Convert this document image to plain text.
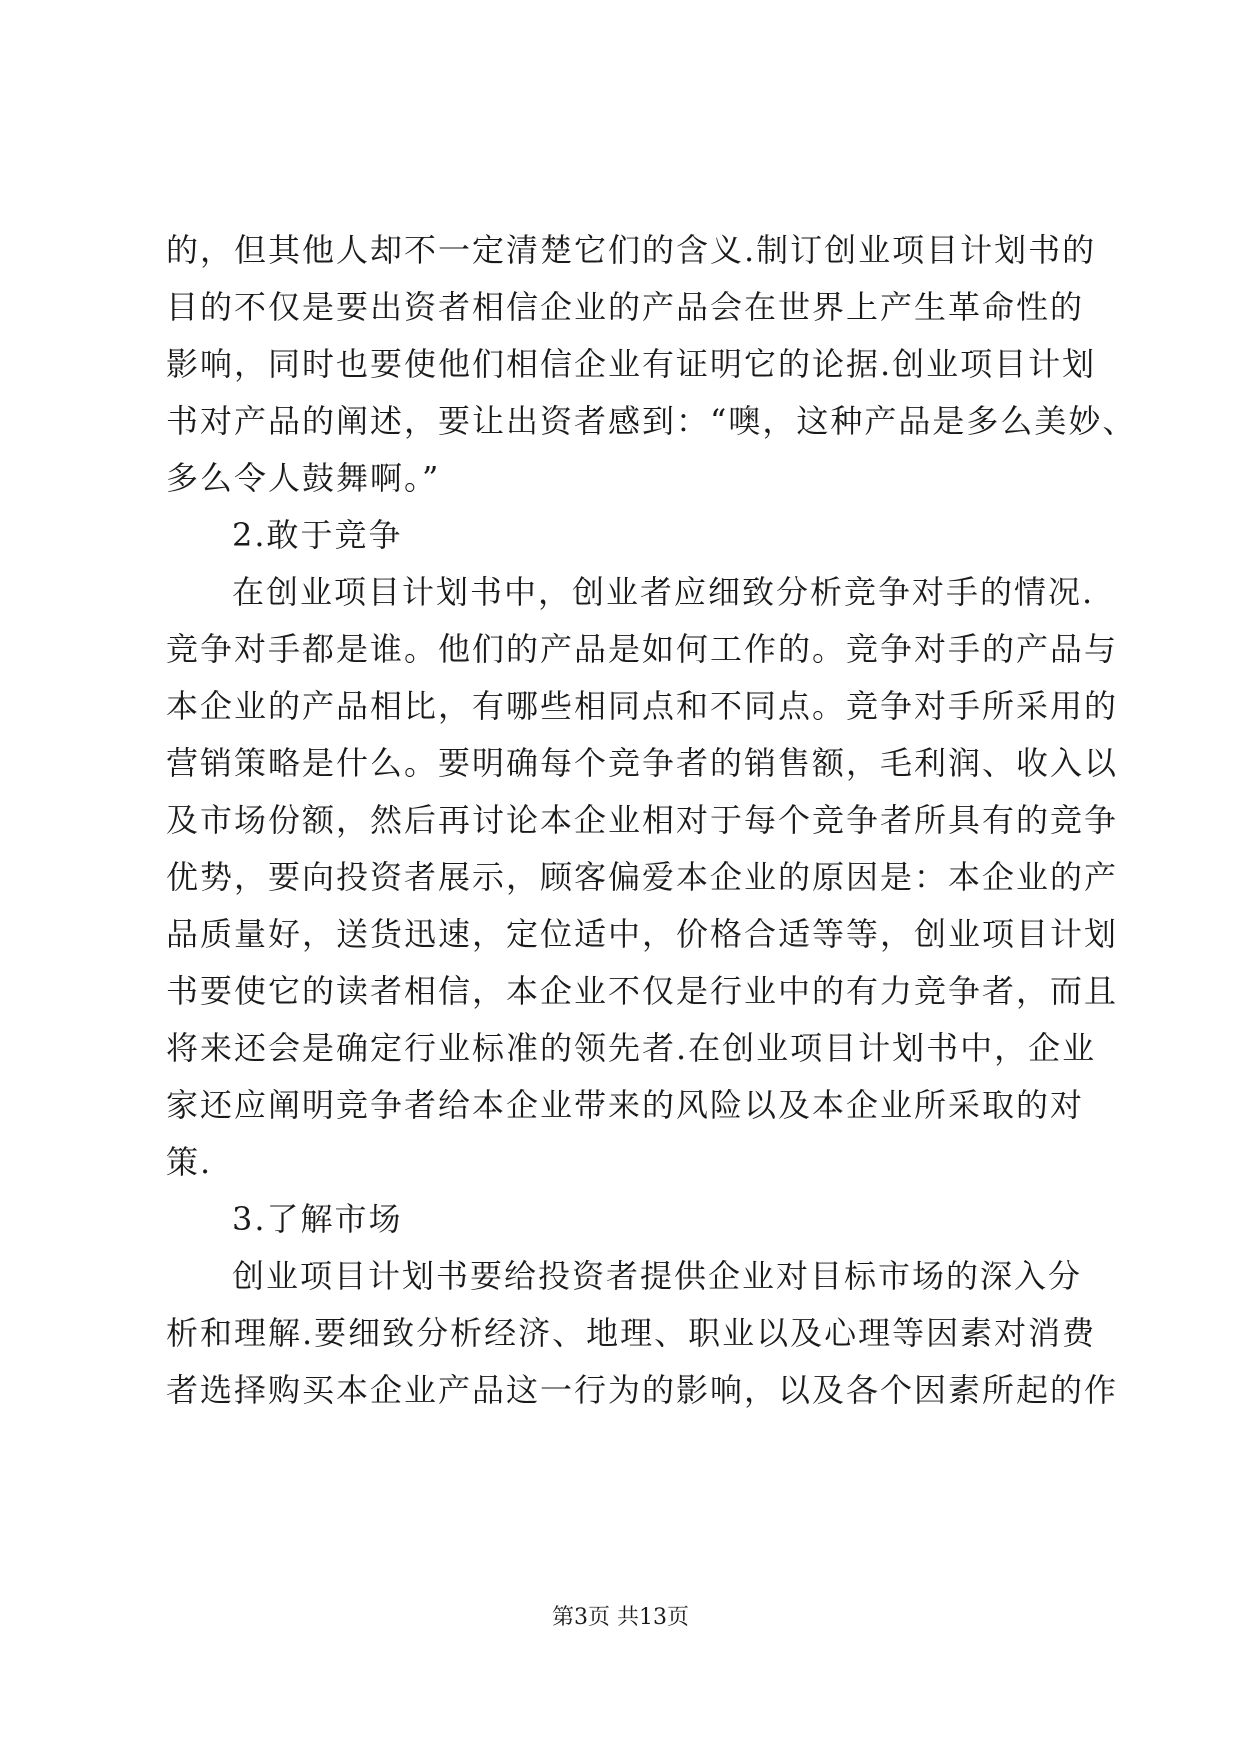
的，但其他人却不一定清楚它们的含义.制订创业项目计划书的
目的不仅是要出资者相信企业的产品会在世界上产生革命性的
影响，同时也要使他们相信企业有证明它的论据.创业项目计划
书对产品的阐述，要让出资者感到：“噢，这种产品是多么美妙、
多么令人鼓舞啊。”
2.敢于竞争
在创业项目计划书中，创业者应细致分析竞争对手的情况.
竞争对手都是谁。他们的产品是如何工作的。竞争对手的产品与
本企业的产品相比，有哪些相同点和不同点。竞争对手所采用的
营销策略是什么。要明确每个竞争者的销售额，毛利润、收入以
及市场份额，然后再讨论本企业相对于每个竞争者所具有的竞争
优势，要向投资者展示，顾客偏爱本企业的原因是：本企业的产
品质量好，送货迅速，定位适中，价格合适等等，创业项目计划
书要使它的读者相信，本企业不仅是行业中的有力竞争者，而且
将来还会是确定行业标准的领先者.在创业项目计划书中，企业
家还应阐明竞争者给本企业带来的风险以及本企业所采取的对
策.
3.了解市场
创业项目计划书要给投资者提供企业对目标市场的深入分
析和理解.要细致分析经济、地理、职业以及心理等因素对消费
者选择购买本企业产品这一行为的影响，以及各个因素所起的作
第3页 共13页
